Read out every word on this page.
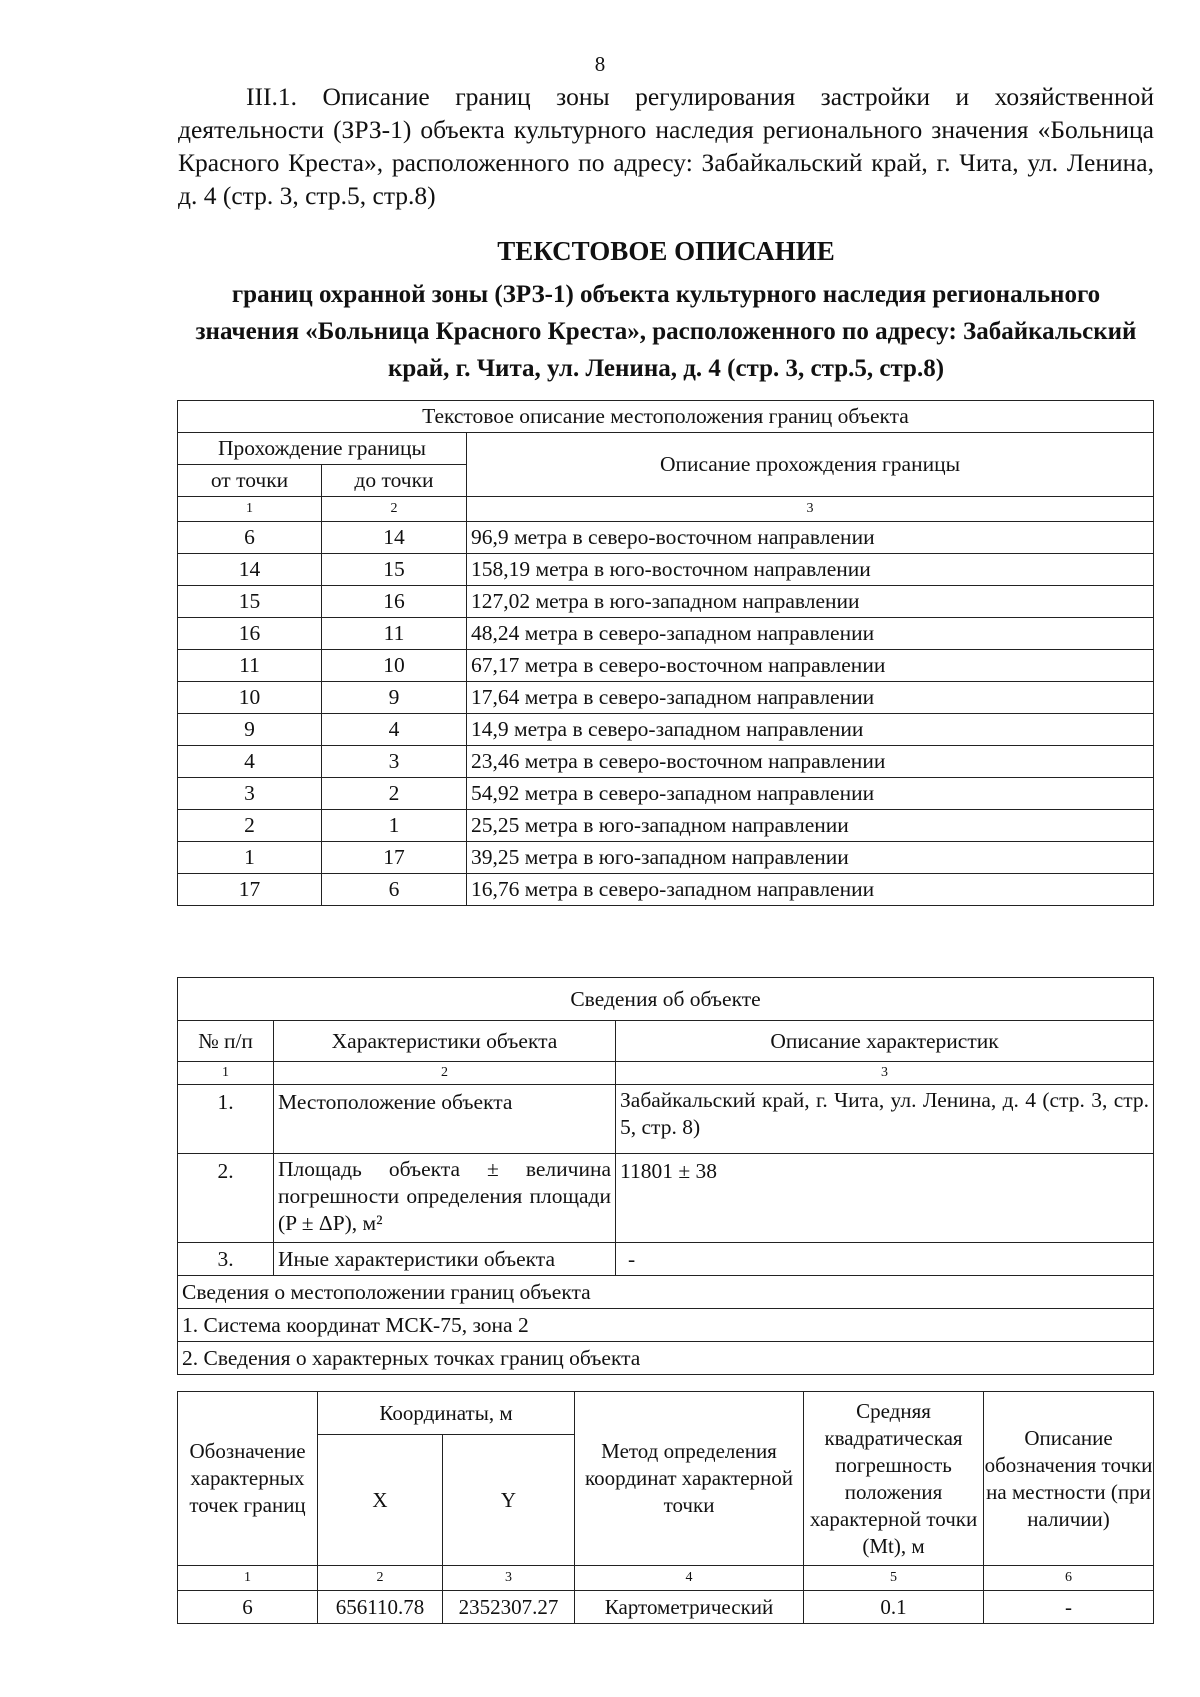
8
III.1. Описание границ зоны регулирования застройки и хозяйственной деятельности (ЗРЗ-1) объекта культурного наследия регионального значения «Больница Красного Креста», расположенного по адресу: Забайкальский край, г. Чита, ул. Ленина, д. 4 (стр. 3, стр.5, стр.8)
ТЕКСТОВОЕ ОПИСАНИЕ
границ охранной зоны (ЗРЗ-1) объекта культурного наследия регионального значения «Больница Красного Креста», расположенного по адресу: Забайкальский край, г. Чита, ул. Ленина, д. 4 (стр. 3, стр.5, стр.8)
Текстовое описание местоположения границ объекта		
Прохождение границы		Описание прохождения границы
от точки	до точки	
1	2	3
6	14	96,9 метра в северо-восточном направлении
14	15	158,19 метра в юго-восточном направлении
15	16	127,02 метра в юго-западном направлении
16	11	48,24 метра в северо-западном направлении
11	10	67,17 метра в северо-восточном направлении
10	9	17,64 метра в северо-западном направлении
9	4	14,9 метра в северо-западном направлении
4	3	23,46 метра в северо-восточном направлении
3	2	54,92 метра в северо-западном направлении
2	1	25,25 метра в юго-западном направлении
1	17	39,25 метра в юго-западном направлении
17	6	16,76 метра в северо-западном направлении
Сведения об объекте		
№ п/п	Характеристики объекта	Описание характеристик
1	2	3
1.	Местоположение объекта	Забайкальский край, г. Чита, ул. Ленина, д. 4 (стр. 3, стр. 5, стр. 8)
2.	Площадь объекта ± величина погрешности определения площади (P ± ΔP), м²	11801 ± 38
3.	Иные характеристики объекта	-
Сведения о местоположении границ объекта		
1. Система координат МСК-75, зона 2		
2. Сведения о характерных точках границ объекта		
Обозначение характерных точек границ	Координаты, м		Метод определения координат характерной точки	Средняя квадратическая погрешность положения характерной точки (Mt), м	Описание обозначения точки на местности (при наличии)
	X	Y			
1	2	3	4	5	6
6	656110.78	2352307.27	Картометрический	0.1	-
